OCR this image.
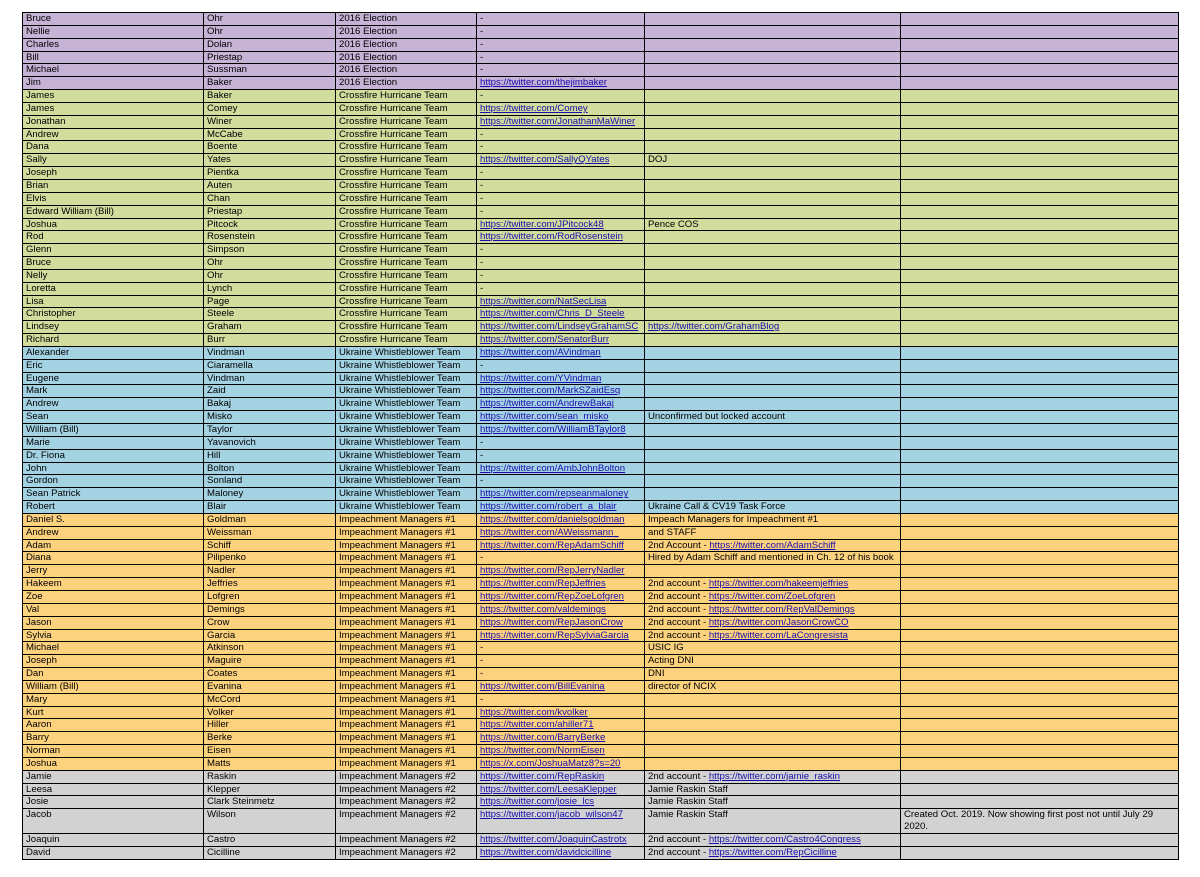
Bruce	Ohr	2016 Election	-		
Nellie	Ohr	2016 Election	-		
Charles	Dolan	2016 Election	-		
Bill	Priestap	2016 Election	-		
Michael	Sussman	2016 Election	-		
Jim	Baker	2016 Election	https://twitter.com/thejimbaker		
James	Baker	Crossfire Hurricane Team	-		
James	Comey	Crossfire Hurricane Team	https://twitter.com/Comey		
Jonathan	Winer	Crossfire Hurricane Team	https://twitter.com/JonathanMaWiner		
Andrew	McCabe	Crossfire Hurricane Team	-		
Dana	Boente	Crossfire Hurricane Team	-		
Sally	Yates	Crossfire Hurricane Team	https://twitter.com/SallyQYates	DOJ	
Joseph	Pientka	Crossfire Hurricane Team	-		
Brian	Auten	Crossfire Hurricane Team	-		
Elvis	Chan	Crossfire Hurricane Team	-		
Edward William (Bill)	Priestap	Crossfire Hurricane Team	-		
Joshua	Pitcock	Crossfire Hurricane Team	https://twitter.com/JPitcock48	Pence COS	
Rod	Rosenstein	Crossfire Hurricane Team	https://twitter.com/RodRosenstein		
Glenn	Simpson	Crossfire Hurricane Team	-		
Bruce	Ohr	Crossfire Hurricane Team	-		
Nelly	Ohr	Crossfire Hurricane Team	-		
Loretta	Lynch	Crossfire Hurricane Team	-		
Lisa	Page	Crossfire Hurricane Team	https://twitter.com/NatSecLisa		
Christopher	Steele	Crossfire Hurricane Team	https://twitter.com/Chris_D_Steele		
Lindsey	Graham	Crossfire Hurricane Team	https://twitter.com/LindseyGrahamSC	https://twitter.com/GrahamBlog	
Richard	Burr	Crossfire Hurricane Team	https://twitter.com/SenatorBurr		
Alexander	Vindman	Ukraine Whistleblower Team	https://twitter.com/AVindman		
Eric	Ciaramella	Ukraine Whistleblower Team	-		
Eugene	Vindman	Ukraine Whistleblower Team	https://twitter.com/YVindman		
Mark	Zaid	Ukraine Whistleblower Team	https://twitter.com/MarkSZaidEsq		
Andrew	Bakaj	Ukraine Whistleblower Team	https://twitter.com/AndrewBakaj		
Sean	Misko	Ukraine Whistleblower Team	https://twitter.com/sean_misko	Unconfirmed but locked account	
William (Bill)	Taylor	Ukraine Whistleblower Team	https://twitter.com/WilliamBTaylor8		
Marie	Yavanovich	Ukraine Whistleblower Team	-		
Dr. Fiona	Hill	Ukraine Whistleblower Team	-		
John	Bolton	Ukraine Whistleblower Team	https://twitter.com/AmbJohnBolton		
Gordon	Sonland	Ukraine Whistleblower Team	-		
Sean Patrick	Maloney	Ukraine Whistleblower Team	https://twitter.com/repseanmaloney		
Robert	Blair	Ukraine Whistleblower Team	https://twitter.com/robert_a_blair	Ukraine Call & CV19 Task Force	
Daniel S.	Goldman	Impeachment Managers #1	https://twitter.com/danielsgoldman	Impeach Managers for Impeachment #1	
Andrew	Weissman	Impeachment Managers #1	https://twitter.com/AWeissmann_	and STAFF	
Adam	Schiff	Impeachment Managers #1	https://twitter.com/RepAdamSchiff	2nd Account - https://twitter.com/AdamSchiff	
Diana	Pilipenko	Impeachment Managers #1	-	Hired by Adam Schiff and mentioned in Ch. 12 of his book	
Jerry	Nadler	Impeachment Managers #1	https://twitter.com/RepJerryNadler		
Hakeem	Jeffries	Impeachment Managers #1	https://twitter.com/RepJeffries	2nd account - https://twitter.com/hakeemjeffries	
Zoe	Lofgren	Impeachment Managers #1	https://twitter.com/RepZoeLofgren	2nd account - https://twitter.com/ZoeLofgren	
Val	Demings	Impeachment Managers #1	https://twitter.com/valdemings	2nd account - https://twitter.com/RepValDemings	
Jason	Crow	Impeachment Managers #1	https://twitter.com/RepJasonCrow	2nd account - https://twitter.com/JasonCrowCO	
Sylvia	Garcia	Impeachment Managers #1	https://twitter.com/RepSylviaGarcia	2nd account - https://twitter.com/LaCongresista	
Michael	Atkinson	Impeachment Managers #1	-	USIC IG	
Joseph	Maguire	Impeachment Managers #1	-	Acting DNI	
Dan	Coates	Impeachment Managers #1	-	DNI	
William (Bill)	Evanina	Impeachment Managers #1	https://twitter.com/BillEvanina	director of NCIX	
Mary	McCord	Impeachment Managers #1	-		
Kurt	Volker	Impeachment Managers #1	https://twitter.com/kvolker		
Aaron	Hiller	Impeachment Managers #1	https://twitter.com/ahiller71		
Barry	Berke	Impeachment Managers #1	https://twitter.com/BarryBerke		
Norman	Eisen	Impeachment Managers #1	https://twitter.com/NormEisen		
Joshua	Matts	Impeachment Managers #1	https://x.com/JoshuaMatz8?s=20		
Jamie	Raskin	Impeachment Managers #2	https://twitter.com/RepRaskin	2nd account - https://twitter.com/jamie_raskin	
Leesa	Klepper	Impeachment Managers #2	https://twitter.com/LeesaKlepper	Jamie Raskin Staff	
Josie	Clark Steinmetz	Impeachment Managers #2	https://twitter.com/josie_lcs	Jamie Raskin Staff	
Jacob	Wilson	Impeachment Managers #2	https://twitter.com/jacob_wilson47	Jamie Raskin Staff	Created Oct. 2019. Now showing first post not until July 29 2020.
Joaquin	Castro	Impeachment Managers #2	https://twitter.com/JoaquinCastrotx	2nd account - https://twitter.com/Castro4Congress	
David	Cicilline	Impeachment Managers #2	https://twitter.com/davidcicilline	2nd account - https://twitter.com/RepCicilline	
